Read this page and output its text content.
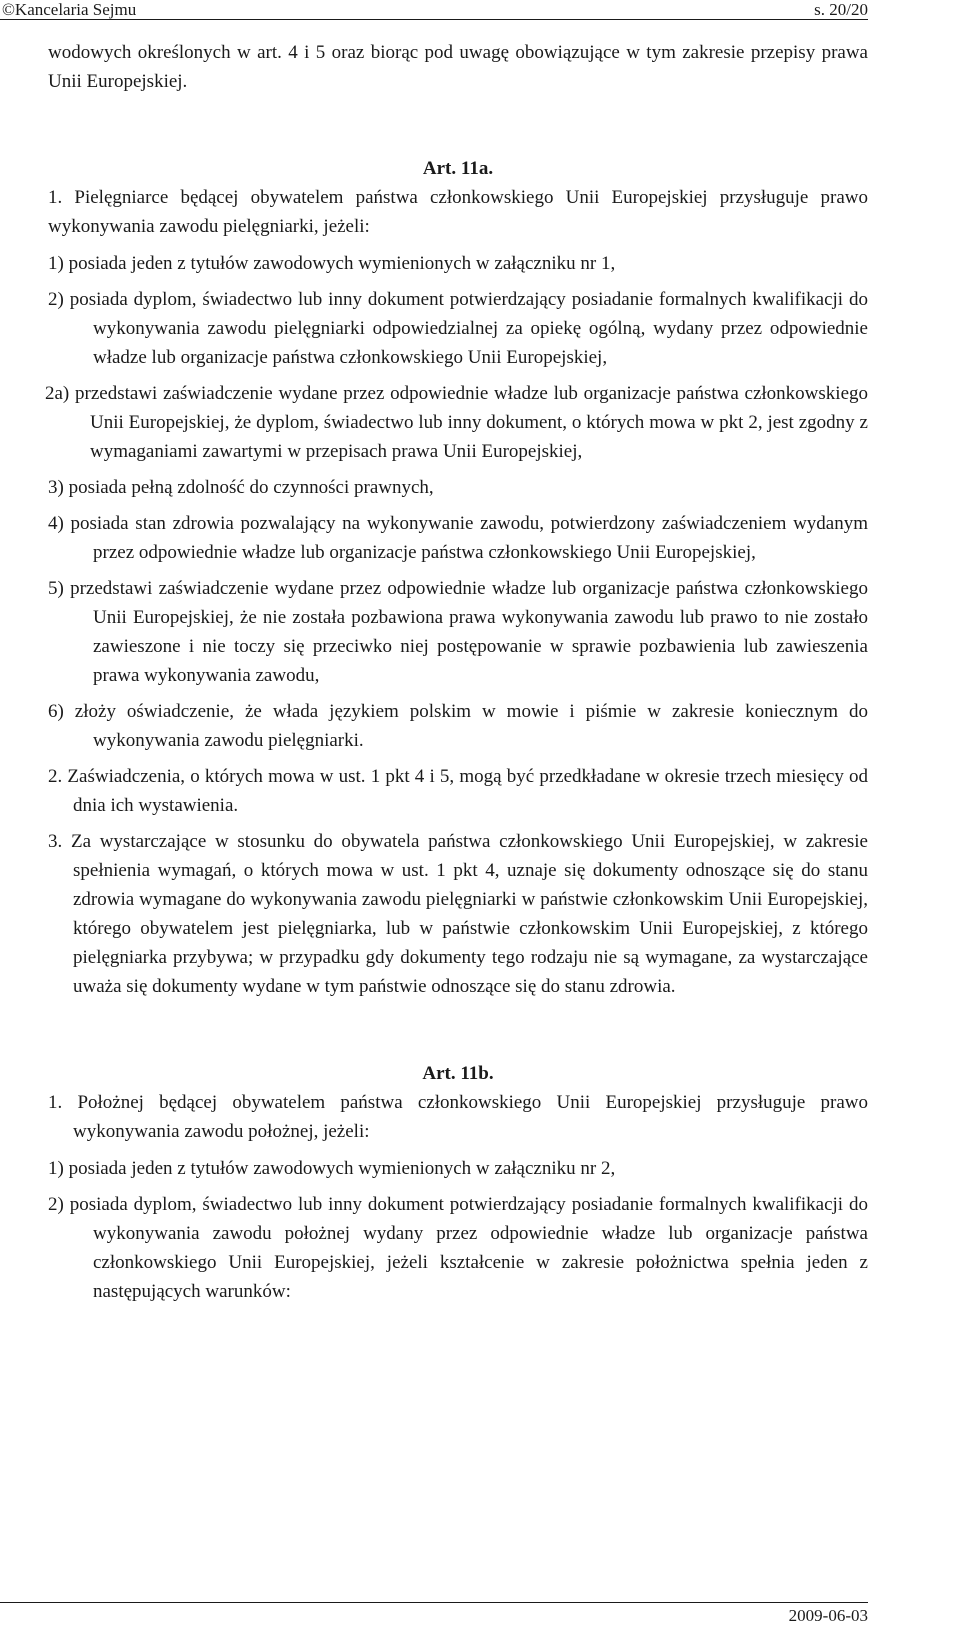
©Kancelaria Sejmu	s. 20/20

wodowych określonych w art. 4 i 5 oraz biorąc pod uwagę obowiązujące w tym zakresie przepisy prawa Unii Europejskiej.

Art. 11a.

1. Pielęgniarce będącej obywatelem państwa członkowskiego Unii Europejskiej przysługuje prawo wykonywania zawodu pielęgniarki, jeżeli:

1) posiada jeden z tytułów zawodowych wymienionych w załączniku nr 1,

2) posiada dyplom, świadectwo lub inny dokument potwierdzający posiadanie formalnych kwalifikacji do wykonywania zawodu pielęgniarki odpowiedzialnej za opiekę ogólną, wydany przez odpowiednie władze lub organizacje państwa członkowskiego Unii Europejskiej,

2a) przedstawi zaświadczenie wydane przez odpowiednie władze lub organizacje państwa członkowskiego Unii Europejskiej, że dyplom, świadectwo lub inny dokument, o których mowa w pkt 2, jest zgodny z wymaganiami zawartymi w przepisach prawa Unii Europejskiej,

3) posiada pełną zdolność do czynności prawnych,

4) posiada stan zdrowia pozwalający na wykonywanie zawodu, potwierdzony zaświadczeniem wydanym przez odpowiednie władze lub organizacje państwa członkowskiego Unii Europejskiej,

5) przedstawi zaświadczenie wydane przez odpowiednie władze lub organizacje państwa członkowskiego Unii Europejskiej, że nie została pozbawiona prawa wykonywania zawodu lub prawo to nie zostało zawieszone i nie toczy się przeciwko niej postępowanie w sprawie pozbawienia lub zawieszenia prawa wykonywania zawodu,

6) złoży oświadczenie, że włada językiem polskim w mowie i piśmie w zakresie koniecznym do wykonywania zawodu pielęgniarki.

2. Zaświadczenia, o których mowa w ust. 1 pkt 4 i 5, mogą być przedkładane w okresie trzech miesięcy od dnia ich wystawienia.

3. Za wystarczające w stosunku do obywatela państwa członkowskiego Unii Europejskiej, w zakresie spełnienia wymagań, o których mowa w ust. 1 pkt 4, uznaje się dokumenty odnoszące się do stanu zdrowia wymagane do wykonywania zawodu pielęgniarki w państwie członkowskim Unii Europejskiej, którego obywatelem jest pielęgniarka, lub w państwie członkowskim Unii Europejskiej, z którego pielęgniarka przybywa; w przypadku gdy dokumenty tego rodzaju nie są wymagane, za wystarczające uważa się dokumenty wydane w tym państwie odnoszące się do stanu zdrowia.

Art. 11b.

1. Położnej będącej obywatelem państwa członkowskiego Unii Europejskiej przysługuje prawo wykonywania zawodu położnej, jeżeli:

1) posiada jeden z tytułów zawodowych wymienionych w załączniku nr 2,

2) posiada dyplom, świadectwo lub inny dokument potwierdzający posiadanie formalnych kwalifikacji do wykonywania zawodu położnej wydany przez odpowiednie władze lub organizacje państwa członkowskiego Unii Europejskiej, jeżeli kształcenie w zakresie położnictwa spełnia jeden z następujących warunków:

2009-06-03
